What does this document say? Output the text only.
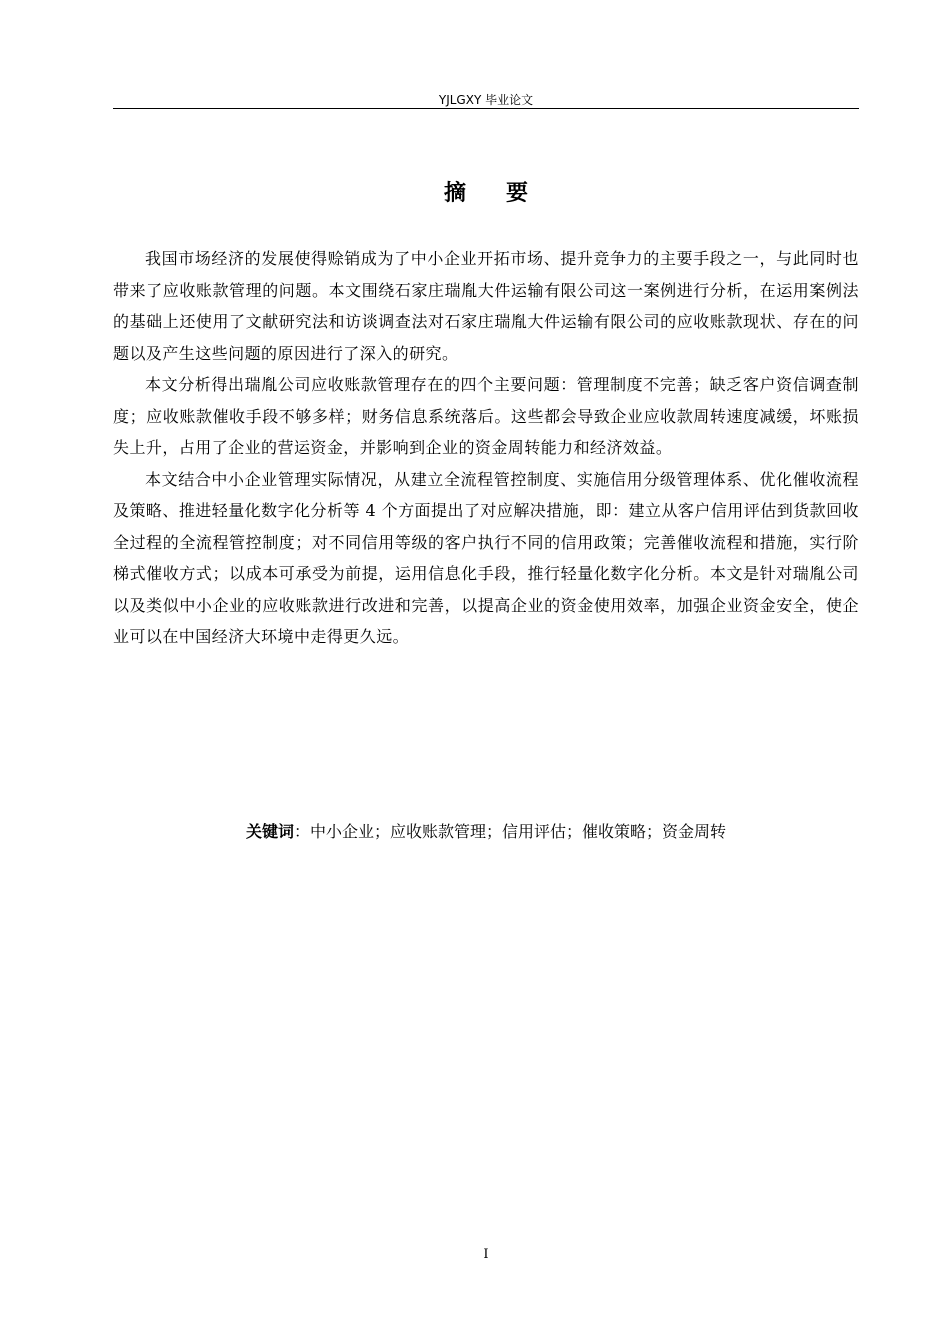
YJLGXY 毕业论文
摘 要

我国市场经济的发展使得赊销成为了中小企业开拓市场、提升竞争力的主要手段之一，与此同时也带来了应收账款管理的问题。本文围绕石家庄瑞胤大件运输有限公司这一案例进行分析，在运用案例法的基础上还使用了文献研究法和访谈调查法对石家庄瑞胤大件运输有限公司的应收账款现状、存在的问题以及产生这些问题的原因进行了深入的研究。

本文分析得出瑞胤公司应收账款管理存在的四个主要问题：管理制度不完善；缺乏客户资信调查制度；应收账款催收手段不够多样；财务信息系统落后。这些都会导致企业应收款周转速度减缓，坏账损失上升，占用了企业的营运资金，并影响到企业的资金周转能力和经济效益。

本文结合中小企业管理实际情况，从建立全流程管控制度、实施信用分级管理体系、优化催收流程及策略、推进轻量化数字化分析等 4 个方面提出了对应解决措施，即：建立从客户信用评估到货款回收全过程的全流程管控制度；对不同信用等级的客户执行不同的信用政策；完善催收流程和措施，实行阶梯式催收方式；以成本可承受为前提，运用信息化手段，推行轻量化数字化分析。本文是针对瑞胤公司以及类似中小企业的应收账款进行改进和完善，以提高企业的资金使用效率，加强企业资金安全，使企业可以在中国经济大环境中走得更久远。

关键词：中小企业；应收账款管理；信用评估；催收策略；资金周转
I
